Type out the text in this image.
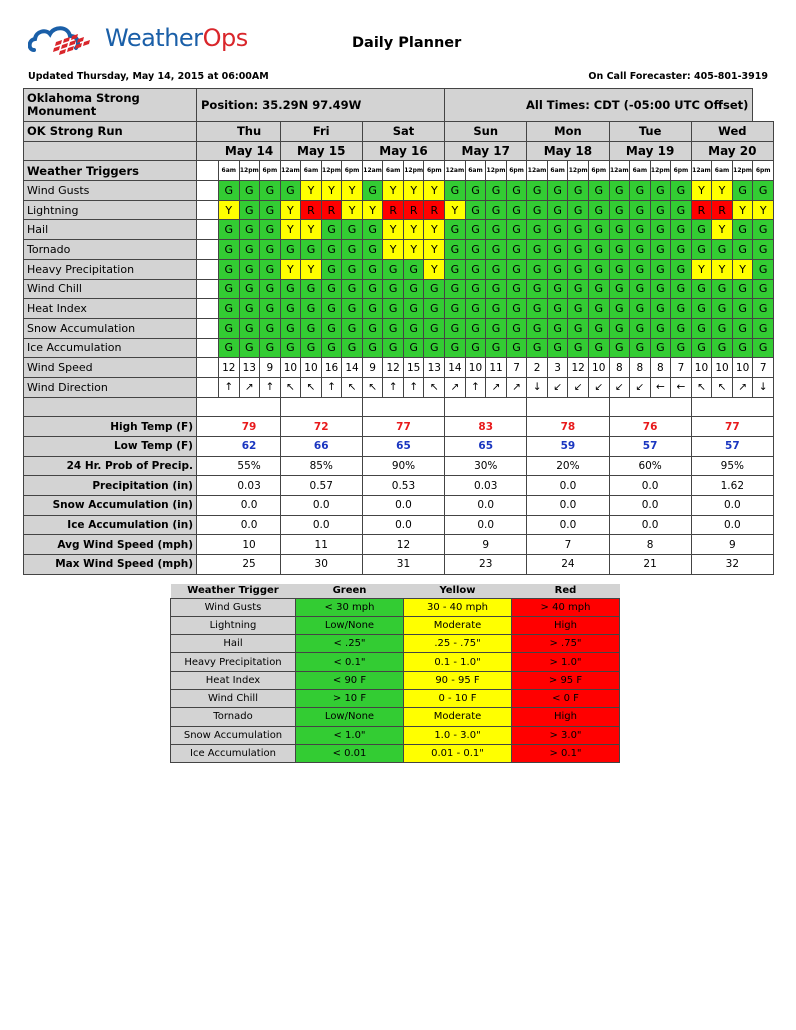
WeatherOps	Daily Planner
Updated Thursday, May 14, 2015 at 06:00AM	On Call Forecaster: 405-801-3919
Oklahoma Strong Monument	Position: 35.29N 97.49W												All Times: CDT (-05:00 UTC Offset)															
OK Strong Run		Thu			Fri				Sat				Sun				Mon				Tue				Wed			
		May 14			May 15				May 16				May 17				May 18				May 19				May 20			
Weather Triggers		6am	12pm	6pm	12am	6am	12pm	6pm	12am	6am	12pm	6pm	12am	6am	12pm	6pm	12am	6am	12pm	6pm	12am	6am	12pm	6pm	12am	6am	12pm	6pm
Wind Gusts		G	G	G	G	Y	Y	Y	G	Y	Y	Y	G	G	G	G	G	G	G	G	G	G	G	G	Y	Y	G	G
Lightning		Y	G	G	Y	R	R	Y	Y	R	R	R	Y	G	G	G	G	G	G	G	G	G	G	G	R	R	Y	Y
Hail		G	G	G	Y	Y	G	G	G	Y	Y	Y	G	G	G	G	G	G	G	G	G	G	G	G	G	Y	G	G
Tornado		G	G	G	G	G	G	G	G	Y	Y	Y	G	G	G	G	G	G	G	G	G	G	G	G	G	G	G	G
Heavy Precipitation		G	G	G	Y	Y	G	G	G	G	G	Y	G	G	G	G	G	G	G	G	G	G	G	G	Y	Y	Y	G
Wind Chill		G	G	G	G	G	G	G	G	G	G	G	G	G	G	G	G	G	G	G	G	G	G	G	G	G	G	G
Heat Index		G	G	G	G	G	G	G	G	G	G	G	G	G	G	G	G	G	G	G	G	G	G	G	G	G	G	G
Snow Accumulation		G	G	G	G	G	G	G	G	G	G	G	G	G	G	G	G	G	G	G	G	G	G	G	G	G	G	G
Ice Accumulation		G	G	G	G	G	G	G	G	G	G	G	G	G	G	G	G	G	G	G	G	G	G	G	G	G	G	G
Wind Speed		12	13	9	10	10	16	14	9	12	15	13	14	10	11	7	2	3	12	10	8	8	8	7	10	10	10	7
Wind Direction		↑	↗	↑	↖	↖	↑	↖	↖	↑	↑	↖	↗	↑	↗	↗	↓	↙	↙	↙	↙	↙	←	←	↖	↖	↗	↓

High Temp (F)		79			72				77				83				78				76				77			
Low Temp (F)		62			66				65				65				59				57				57			
24 Hr. Prob of Precip.		55%			85%				90%				30%				20%				60%				95%			
Precipitation (in)		0.03			0.57				0.53				0.03				0.0				0.0				1.62			
Snow Accumulation (in)		0.0			0.0				0.0				0.0				0.0				0.0				0.0			
Ice Accumulation (in)		0.0			0.0				0.0				0.0				0.0				0.0				0.0			
Avg Wind Speed (mph)		10			11				12				9				7				8				9			
Max Wind Speed (mph)		25			30				31				23				24				21				32			
Weather Trigger	Green	Yellow	Red
Wind Gusts	< 30 mph	30 - 40 mph	> 40 mph
Lightning	Low/None	Moderate	High
Hail	< .25"	.25 - .75"	> .75"
Heavy Precipitation	< 0.1"	0.1 - 1.0"	> 1.0"
Heat Index	< 90 F	90 - 95 F	> 95 F
Wind Chill	> 10 F	0 - 10 F	< 0 F
Tornado	Low/None	Moderate	High
Snow Accumulation	< 1.0"	1.0 - 3.0"	> 3.0"
Ice Accumulation	< 0.01	0.01 - 0.1"	> 0.1"
